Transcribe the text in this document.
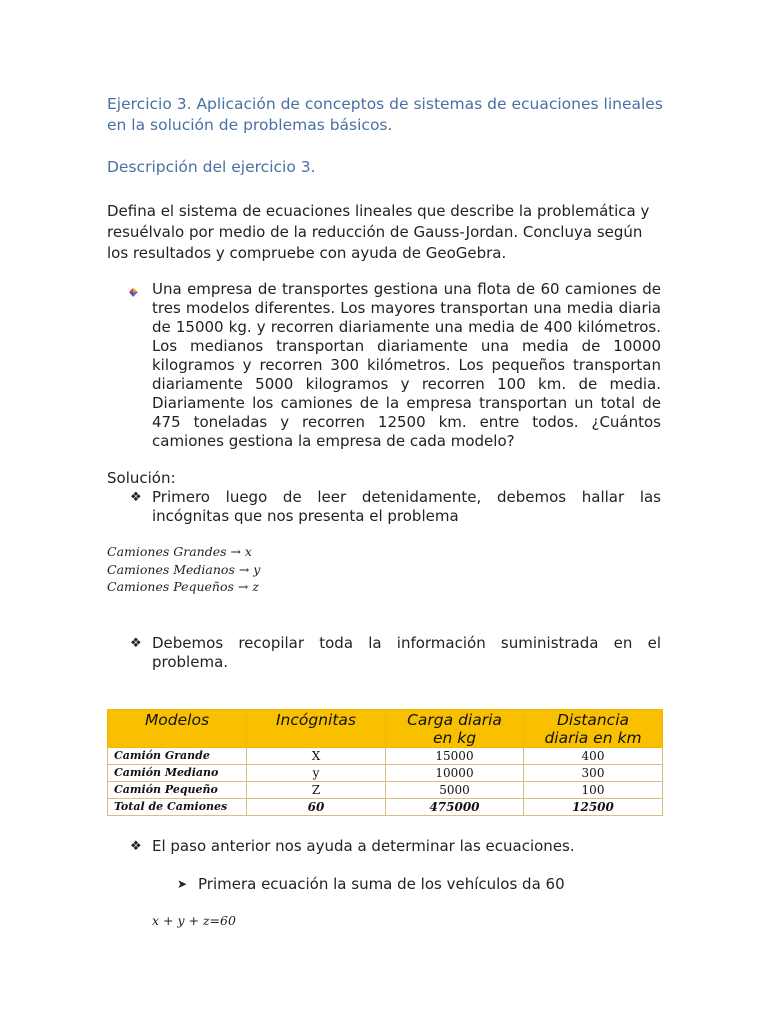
Ejercicio 3. Aplicación de conceptos de sistemas de ecuaciones lineales en la solución de problemas básicos.
Descripción del ejercicio 3.
Defina el sistema de ecuaciones lineales que describe la problemática y resuélvalo por medio de la reducción de Gauss-Jordan. Concluya según los resultados y compruebe con ayuda de GeoGebra.
Una empresa de transportes gestiona una flota de 60 camiones de tres modelos diferentes. Los mayores transportan una media diaria de 15000 kg. y recorren diariamente una media de 400 kilómetros. Los medianos transportan diariamente una media de 10000 kilogramos y recorren 300 kilómetros. Los pequeños transportan diariamente 5000 kilogramos y recorren 100 km. de media. Diariamente los camiones de la empresa transportan un total de 475 toneladas y recorren 12500 km. entre todos. ¿Cuántos camiones gestiona la empresa de cada modelo?
Solución:
❖ Primero luego de leer detenidamente, debemos hallar las incógnitas que nos presenta el problema
Camiones Grandes → x
Camiones Medianos → y
Camiones Pequeños → z
❖ Debemos recopilar toda la información suministrada en el problema.
Modelos	Incógnitas	Carga diaria en kg	Distancia diaria en km
Camión Grande	X	15000	400
Camión Mediano	y	10000	300
Camión Pequeño	Z	5000	100
Total de Camiones	60	475000	12500
❖ El paso anterior nos ayuda a determinar las ecuaciones.
➤ Primera ecuación la suma de los vehículos da 60
x + y + z=60
